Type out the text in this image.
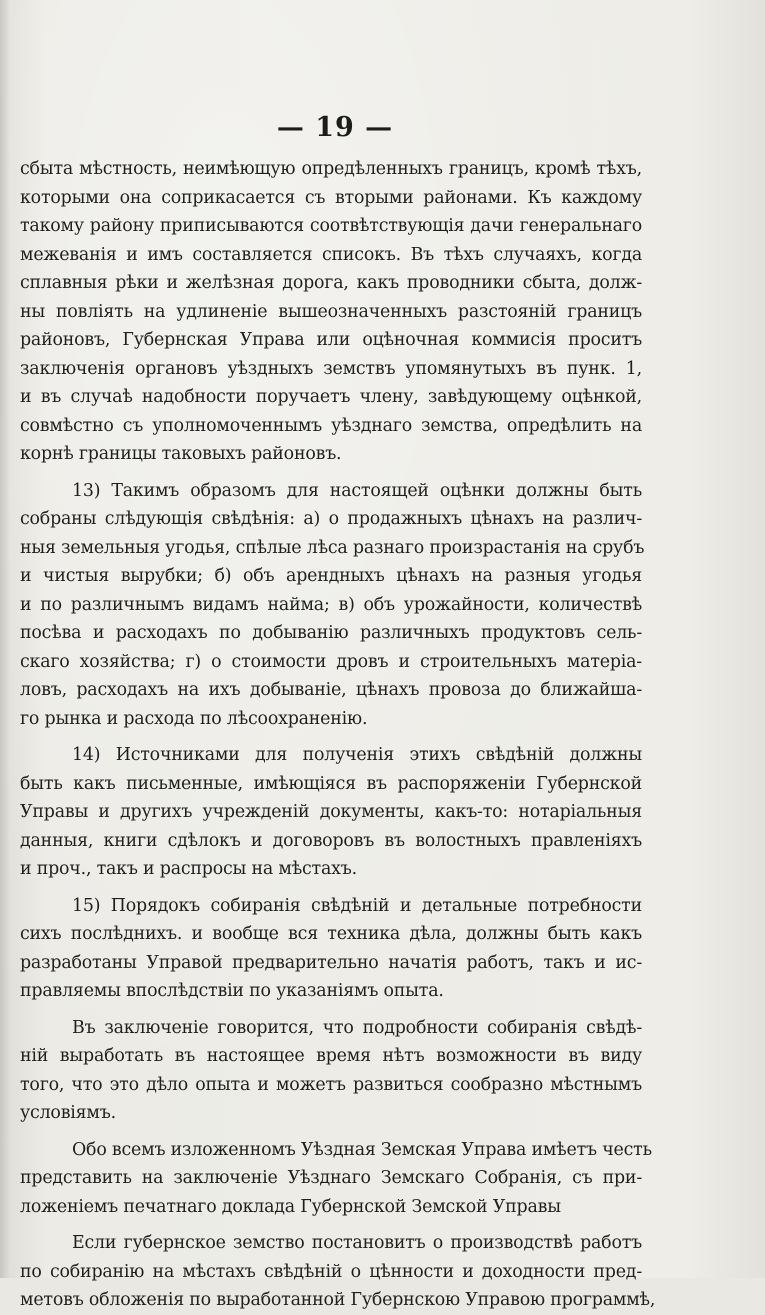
— 19 —
сбыта мѣстность, неимѣющую опредѣленныхъ границъ, кромѣ тѣхъ,
которыми она соприкасается съ вторыми районами. Къ каждому
такому району приписываются соотвѣтствующія дачи генеральнаго
межеванія и имъ составляется списокъ. Въ тѣхъ случаяхъ, когда
сплавныя рѣки и желѣзная дорога, какъ проводники сбыта, долж-
ны повліять на удлиненіе вышеозначенныхъ разстояній границъ
районовъ, Губернская Управа или оцѣночная коммисія проситъ
заключенія органовъ уѣздныхъ земствъ упомянутыхъ въ пунк. 1,
и въ случаѣ надобности поручаетъ члену, завѣдующему оцѣнкой,
совмѣстно съ уполномоченнымъ уѣзднаго земства, опредѣлить на
корнѣ границы таковыхъ районовъ.
13) Такимъ образомъ для настоящей оцѣнки должны быть
собраны слѣдующія свѣдѣнія: а) о продажныхъ цѣнахъ на различ-
ныя земельныя угодья, спѣлые лѣса разнаго произрастанія на срубъ
и чистыя вырубки; б) объ арендныхъ цѣнахъ на разныя угодья
и по различнымъ видамъ найма; в) объ урожайности, количествѣ
посѣва и расходахъ по добыванію различныхъ продуктовъ сель-
скаго хозяйства; г) о стоимости дровъ и строительныхъ матеріа-
ловъ, расходахъ на ихъ добываніе, цѣнахъ провоза до ближайша-
го рынка и расхода по лѣсоохраненію.
14) Источниками для полученія этихъ свѣдѣній должны
быть какъ письменные, имѣющіяся въ распоряженіи Губернской
Управы и другихъ учрежденій документы, какъ-то: нотаріальныя
данныя, книги сдѣлокъ и договоровъ въ волостныхъ правленіяхъ
и проч., такъ и распросы на мѣстахъ.
15) Порядокъ собиранія свѣдѣній и детальные потребности
сихъ послѣднихъ. и вообще вся техника дѣла, должны быть какъ
разработаны Управой предварительно начатія работъ, такъ и ис-
правляемы впослѣдствіи по указаніямъ опыта.
Въ заключеніе говорится, что подробности собиранія свѣдѣ-
ній выработать въ настоящее время нѣтъ возможности въ виду
того, что это дѣло опыта и можетъ развиться сообразно мѣстнымъ
условіямъ.
Обо всемъ изложенномъ Уѣздная Земская Управа имѣетъ честь
представить на заключеніе Уѣзднаго Земскаго Собранія, съ при-
ложеніемъ печатнаго доклада Губернской Земской Управы
Если губернское земство постановитъ о производствѣ работъ
по собиранію на мѣстахъ свѣдѣній о цѣнности и доходности пред-
метовъ обложенія по выработанной Губернскою Управою программѣ,
